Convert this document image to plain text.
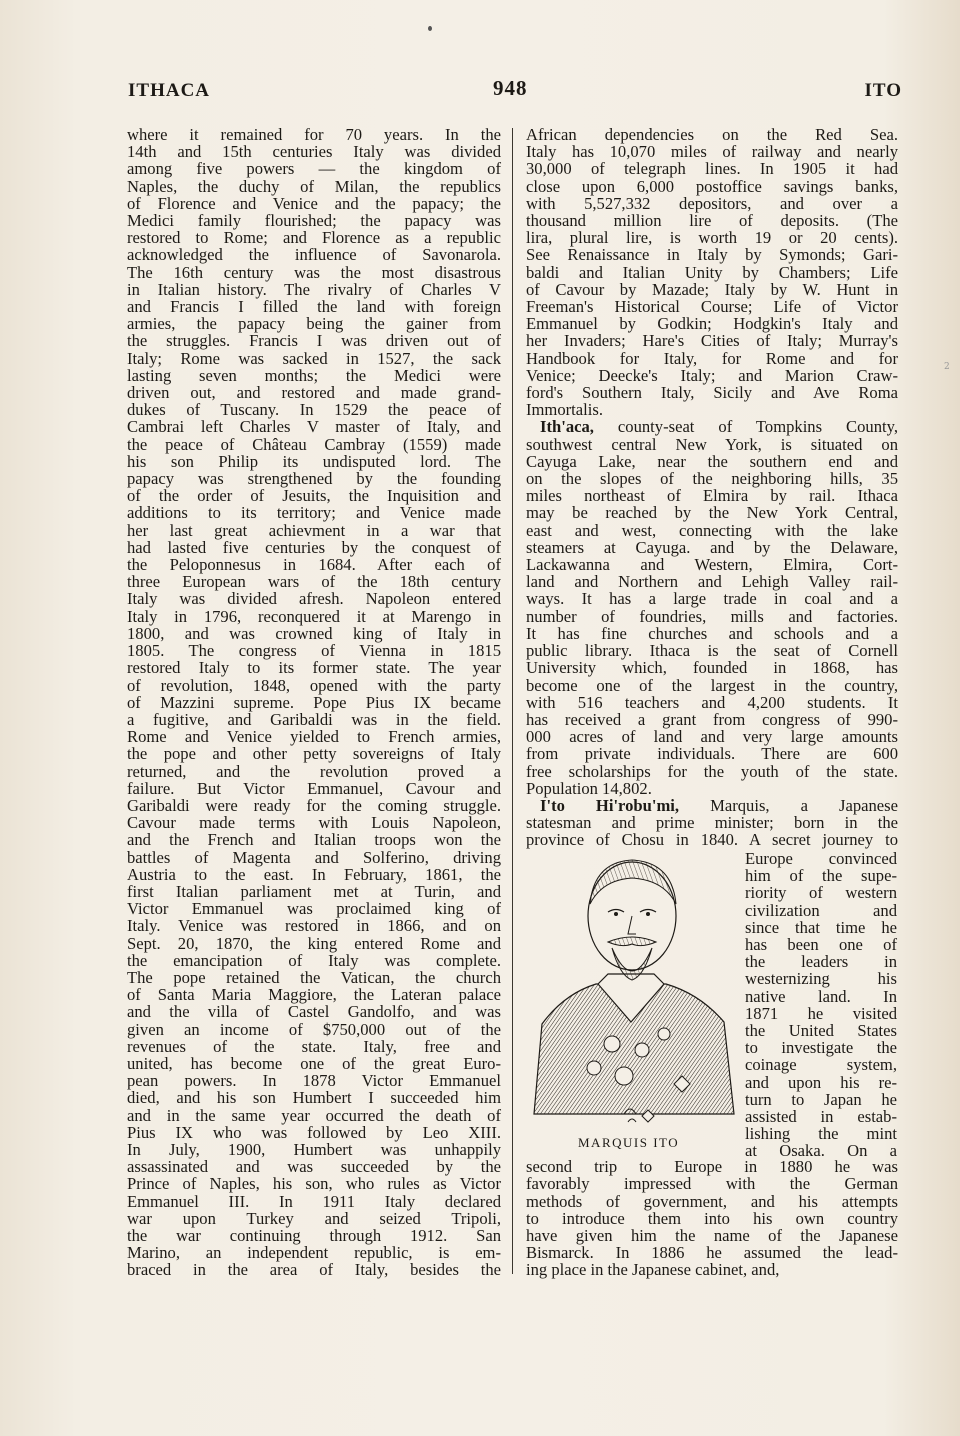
ITHACA	948	ITO
where it remained for 70 years. In the
14th and 15th centuries Italy was divided
among five powers — the kingdom of
Naples, the duchy of Milan, the republics
of Florence and Venice and the papacy; the
Medici family flourished; the papacy was
restored to Rome; and Florence as a republic
acknowledged the influence of Savonarola.
The 16th century was the most disastrous
in Italian history. The rivalry of Charles V
and Francis I filled the land with foreign
armies, the papacy being the gainer from
the struggles. Francis I was driven out of
Italy; Rome was sacked in 1527, the sack
lasting seven months; the Medici were
driven out, and restored and made grand-
dukes of Tuscany. In 1529 the peace of
Cambrai left Charles V master of Italy, and
the peace of Château Cambray (1559) made
his son Philip its undisputed lord. The
papacy was strengthened by the founding
of the order of Jesuits, the Inquisition and
additions to its territory; and Venice made
her last great achievment in a war that
had lasted five centuries by the conquest of
the Peloponnesus in 1684. After each of
three European wars of the 18th century
Italy was divided afresh. Napoleon entered
Italy in 1796, reconquered it at Marengo in
1800, and was crowned king of Italy in
1805. The congress of Vienna in 1815
restored Italy to its former state. The year
of revolution, 1848, opened with the party
of Mazzini supreme. Pope Pius IX became
a fugitive, and Garibaldi was in the field.
Rome and Venice yielded to French armies,
the pope and other petty sovereigns of Italy
returned, and the revolution proved a
failure. But Victor Emmanuel, Cavour and
Garibaldi were ready for the coming struggle.
Cavour made terms with Louis Napoleon,
and the French and Italian troops won the
battles of Magenta and Solferino, driving
Austria to the east. In February, 1861, the
first Italian parliament met at Turin, and
Victor Emmanuel was proclaimed king of
Italy. Venice was restored in 1866, and on
Sept. 20, 1870, the king entered Rome and
the emancipation of Italy was complete.
The pope retained the Vatican, the church
of Santa Maria Maggiore, the Lateran palace
and the villa of Castel Gandolfo, and was
given an income of $750,000 out of the
revenues of the state. Italy, free and
united, has become one of the great Euro-
pean powers. In 1878 Victor Emmanuel
died, and his son Humbert I succeeded him
and in the same year occurred the death of
Pius IX who was followed by Leo XIII.
In July, 1900, Humbert was unhappily
assassinated and was succeeded by the
Prince of Naples, his son, who rules as Victor
Emmanuel III. In 1911 Italy declared
war upon Turkey and seized Tripoli,
the war continuing through 1912. San
Marino, an independent republic, is em-
braced in the area of Italy, besides the
African dependencies on the Red Sea.
Italy has 10,070 miles of railway and nearly
30,000 of telegraph lines. In 1905 it had
close upon 6,000 postoffice savings banks,
with 5,527,332 depositors, and over a
thousand million lire of deposits. (The
lira, plural lire, is worth 19 or 20 cents).
See Renaissance in Italy by Symonds; Gari-
baldi and Italian Unity by Chambers; Life
of Cavour by Mazade; Italy by W. Hunt in
Freeman's Historical Course; Life of Victor
Emmanuel by Godkin; Hodgkin's Italy and
her Invaders; Hare's Cities of Italy; Murray's
Handbook for Italy, for Rome and for
Venice; Deecke's Italy; and Marion Craw-
ford's Southern Italy, Sicily and Ave Roma
Immortalis.
Ith'aca, county-seat of Tompkins County,
southwest central New York, is situated on
Cayuga Lake, near the southern end and
on the slopes of the neighboring hills, 35
miles northeast of Elmira by rail. Ithaca
may be reached by the New York Central,
east and west, connecting with the lake
steamers at Cayuga. and by the Delaware,
Lackawanna and Western, Elmira, Cort-
land and Northern and Lehigh Valley rail-
ways. It has a large trade in coal and a
number of foundries, mills and factories.
It has fine churches and schools and a
public library. Ithaca is the seat of Cornell
University which, founded in 1868, has
become one of the largest in the country,
with 516 teachers and 4,200 students. It
has received a grant from congress of 990-
000 acres of land and very large amounts
from private individuals. There are 600
free scholarships for the youth of the state.
Population 14,802.
I'to Hi'robu'mi, Marquis, a Japanese
statesman and prime minister; born in the
province of Chosu in 1840. A secret journey to
second trip to Europe in 1880 he was
favorably impressed with the German
methods of government, and his attempts
to introduce them into his own country
have given him the name of the Japanese
Bismarck. In 1886 he assumed the lead-
ing place in the Japanese cabinet, and,
MARQUIS ITO
Europe convinced
him of the supe-
riority of western
civilization and
since that time he
has been one of
the leaders in
westernizing his
native land. In
1871 he visited
the United States
to investigate the
coinage system,
and upon his re-
turn to Japan he
assisted in estab-
lishing the mint
at Osaka. On a
2
